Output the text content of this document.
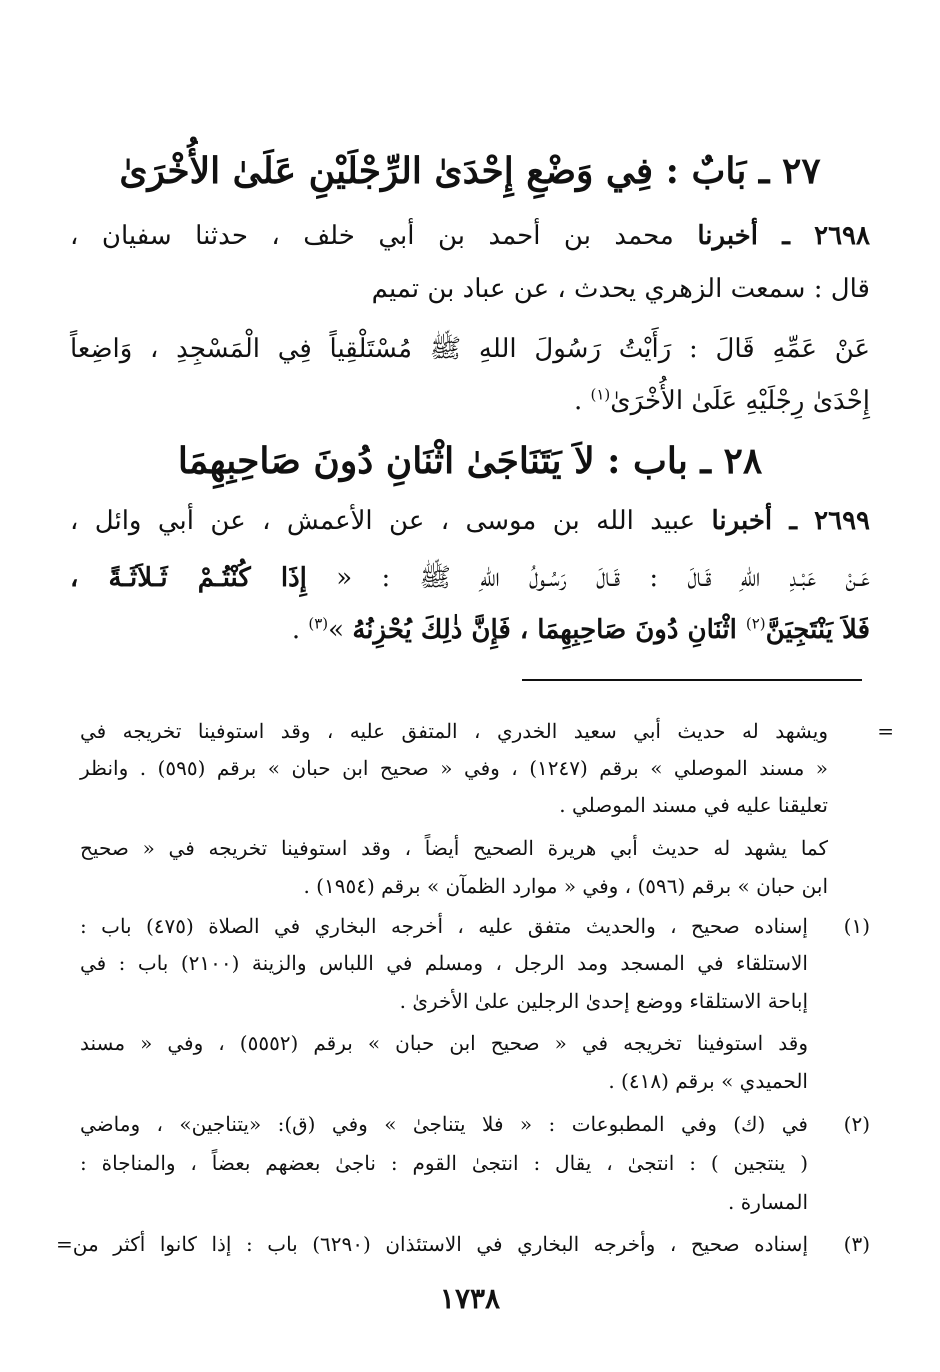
٢٧ ـ بَابٌ : فِي وَضْعِ إِحْدَىٰ الرِّجْلَيْنِ عَلَىٰ الأُخْرَىٰ
٢٦٩٨ ـ أخبرنا محمد بن أحمد بن أبي خلف ، حدثنا سفيان ،
قال : سمعت الزهري يحدث ، عن عباد بن تميم
عَنْ عَمِّهِ قَالَ : رَأَيْتُ رَسُولَ اللهِ ﷺ مُسْتَلْقِياً فِي الْمَسْجِدِ ، وَاضِعاً
إِحْدَىٰ رِجْلَيْهِ عَلَىٰ الأُخْرَىٰ$^{(١)}$ .
٢٨ ـ باب : لاَ يَتَنَاجَىٰ اثْنَانِ دُونَ صَاحِبِهِمَا
٢٦٩٩ ـ أخبرنا عبيد الله بن موسى ، عن الأعمش ، عن أبي وائل ،
عَـنْ عَبْـدِ اللهِ قَـالَ : قَـالَ رَسُـولُ اللهِ ﷺ : « إِذَا كُنْتُـمْ ثَـلاَثَـةً ،
فَلاَ يَنْتَجِيَنَّ$^{(٢)}$ اثْنَانِ دُونَ صَاحِبِهِمَا ، فَإِنَّ ذٰلِكَ يُحْزِنُهُ »$^{(٣)}$ .
=
ويشهد له حديث أبي سعيد الخدري ، المتفق عليه ، وقد استوفينا تخريجه في
« مسند الموصلي » برقم (١٢٤٧) ، وفي « صحيح ابن حبان » برقم (٥٩٥) . وانظر
تعليقنا عليه في مسند الموصلي .
كما يشهد له حديث أبي هريرة الصحيح أيضاً ، وقد استوفينا تخريجه في « صحيح
ابن حبان » برقم (٥٩٦) ، وفي « موارد الظمآن » برقم (١٩٥٤) .
(١)
إسناده صحيح ، والحديث متفق عليه ، أخرجه البخاري في الصلاة (٤٧٥) باب :
الاستلقاء في المسجد ومد الرجل ، ومسلم في اللباس والزينة (٢١٠٠) باب : في
إباحة الاستلقاء ووضع إحدىٰ الرجلين علىٰ الأخرىٰ .
وقد استوفينا تخريجه في « صحيح ابن حبان » برقم (٥٥٥٢) ، وفي « مسند
الحميدي » برقم (٤١٨) .
(٢)
في (ك) وفي المطبوعات : « فلا يتناجىٰ » وفي (ق): «يتناجين» ، وماضي
( ينتجين ) : انتجىٰ ، يقال : انتجىٰ القوم : ناجىٰ بعضهم بعضاً ، والمناجاة :
المسارة .
(٣)
إسناده صحيح ، وأخرجه البخاري في الاستئذان (٦٢٩٠) باب : إذا كانوا أكثر من=
١٧٣٨
